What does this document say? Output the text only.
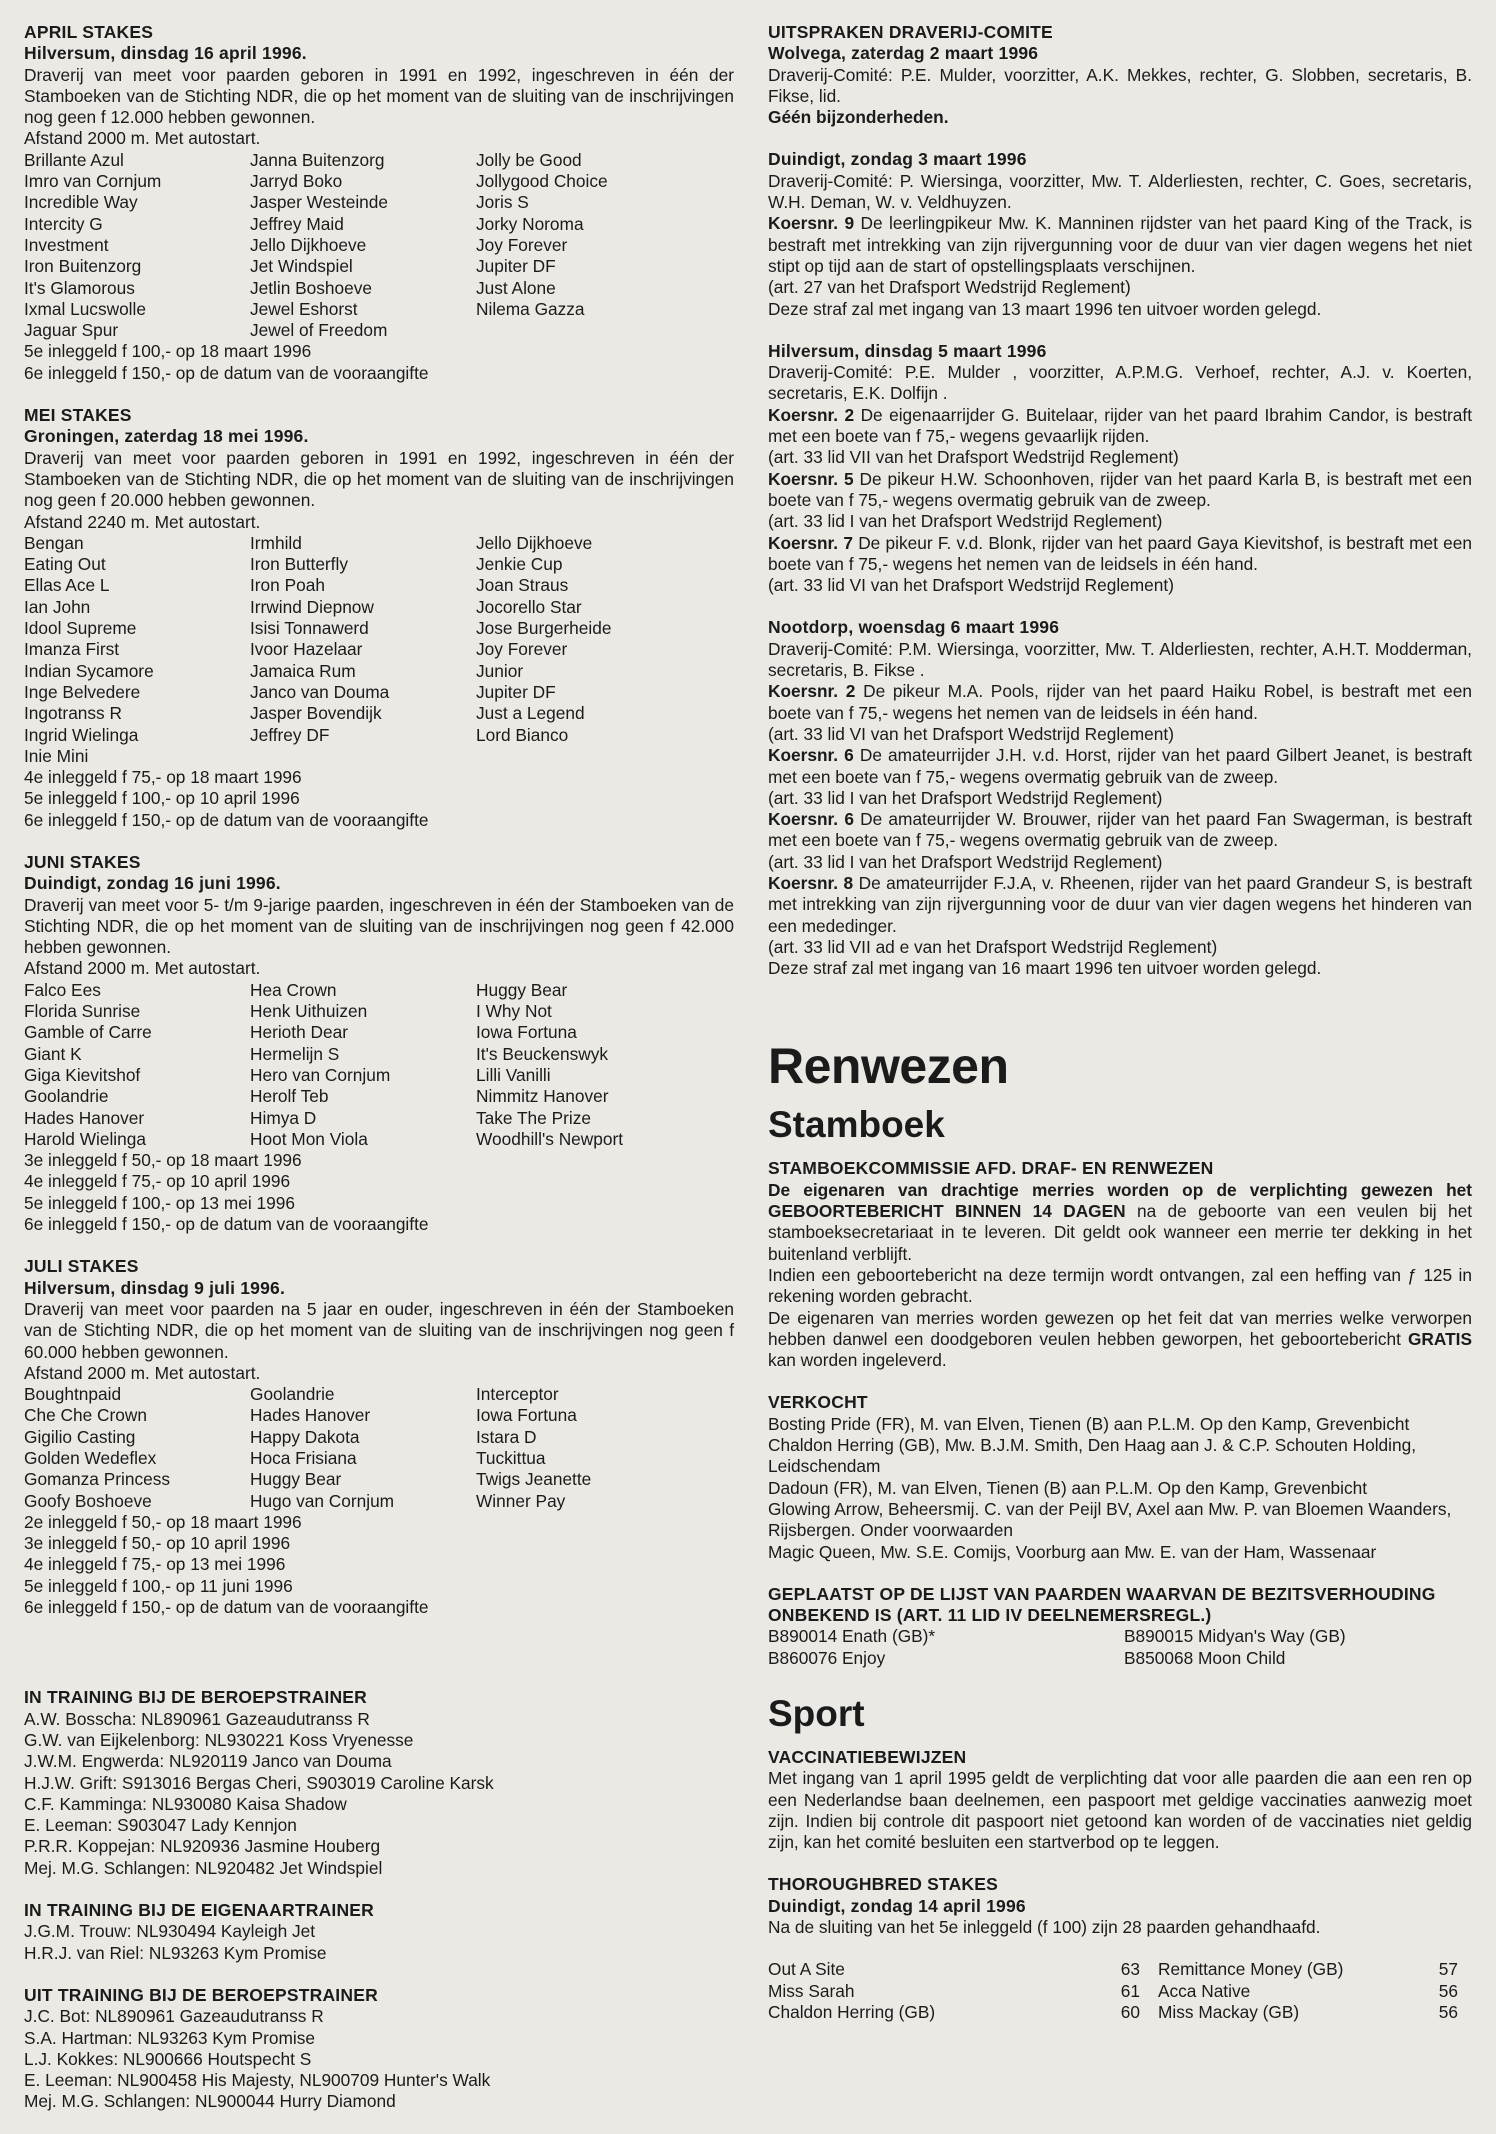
APRIL STAKES
Hilversum, dinsdag 16 april 1996.

Draverij van meet voor paarden geboren in 1991 en 1992, ingeschreven in één der Stamboeken van de Stichting NDR, die op het moment van de sluiting van de inschrijvingen nog geen f 12.000 hebben gewonnen.

Afstand 2000 m. Met autostart.

Brillante Azul	Janna Buitenzorg	Jolly be Good
Imro van Cornjum	Jarryd Boko	Jollygood Choice
Incredible Way	Jasper Westeinde	Joris S
Intercity G	Jeffrey Maid	Jorky Noroma
Investment	Jello Dijkhoeve	Joy Forever
Iron Buitenzorg	Jet Windspiel	Jupiter DF
It's Glamorous	Jetlin Boshoeve	Just Alone
Ixmal Lucswolle	Jewel Eshorst	Nilema Gazza
Jaguar Spur	Jewel of Freedom
5e inleggeld f 100,- op 18 maart 1996
6e inleggeld f 150,- op de datum van de vooraangifte
MEI STAKES
Groningen, zaterdag 18 mei 1996.

Draverij van meet voor paarden geboren in 1991 en 1992, ingeschreven in één der Stamboeken van de Stichting NDR, die op het moment van de sluiting van de inschrijvingen nog geen f 20.000 hebben gewonnen.

Afstand 2240 m. Met autostart.

Bengan	Irmhild	Jello Dijkhoeve
Eating Out	Iron Butterfly	Jenkie Cup
Ellas Ace L	Iron Poah	Joan Straus
Ian John	Irrwind Diepnow	Jocorello Star
Idool Supreme	Isisi Tonnawerd	Jose Burgerheide
Imanza First	Ivoor Hazelaar	Joy Forever
Indian Sycamore	Jamaica Rum	Junior
Inge Belvedere	Janco van Douma	Jupiter DF
Ingotranss R	Jasper Bovendijk	Just a Legend
Ingrid Wielinga	Jeffrey DF	Lord Bianco
Inie Mini
4e inleggeld f 75,- op 18 maart 1996
5e inleggeld f 100,- op 10 april 1996
6e inleggeld f 150,- op de datum van de vooraangifte
JUNI STAKES
Duindigt, zondag 16 juni 1996.

Draverij van meet voor 5- t/m 9-jarige paarden, ingeschreven in één der Stamboeken van de Stichting NDR, die op het moment van de sluiting van de inschrijvingen nog geen f 42.000 hebben gewonnen.

Afstand 2000 m. Met autostart.

Falco Ees	Hea Crown	Huggy Bear
Florida Sunrise	Henk Uithuizen	I Why Not
Gamble of Carre	Herioth Dear	Iowa Fortuna
Giant K	Hermelijn S	It's Beuckenswyk
Giga Kievitshof	Hero van Cornjum	Lilli Vanilli
Goolandrie	Herolf Teb	Nimmitz Hanover
Hades Hanover	Himya D	Take The Prize
Harold Wielinga	Hoot Mon Viola	Woodhill's Newport
3e inleggeld f 50,- op 18 maart 1996
4e inleggeld f 75,- op 10 april 1996
5e inleggeld f 100,- op 13 mei 1996
6e inleggeld f 150,- op de datum van de vooraangifte
JULI STAKES
Hilversum, dinsdag 9 juli 1996.

Draverij van meet voor paarden na 5 jaar en ouder, ingeschreven in één der Stamboeken van de Stichting NDR, die op het moment van de sluiting van de inschrijvingen nog geen f 60.000 hebben gewonnen.

Afstand 2000 m. Met autostart.

Boughtnpaid	Goolandrie	Interceptor
Che Che Crown	Hades Hanover	Iowa Fortuna
Gigilio Casting	Happy Dakota	Istara D
Golden Wedeflex	Hoca Frisiana	Tuckittua
Gomanza Princess	Huggy Bear	Twigs Jeanette
Goofy Boshoeve	Hugo van Cornjum	Winner Pay
2e inleggeld f 50,- op 18 maart 1996
3e inleggeld f 50,- op 10 april 1996
4e inleggeld f 75,- op 13 mei 1996
5e inleggeld f 100,- op 11 juni 1996
6e inleggeld f 150,- op de datum van de vooraangifte
IN TRAINING BIJ DE BEROEPSTRAINER
A.W. Bosscha: NL890961 Gazeaudutranss R
G.W. van Eijkelenborg: NL930221 Koss Vryenesse
J.W.M. Engwerda: NL920119 Janco van Douma
H.J.W. Grift: S913016 Bergas Cheri, S903019 Caroline Karsk
C.F. Kamminga: NL930080 Kaisa Shadow
E. Leeman: S903047 Lady Kennjon
P.R.R. Koppejan: NL920936 Jasmine Houberg
Mej. M.G. Schlangen: NL920482 Jet Windspiel
IN TRAINING BIJ DE EIGENAARTRAINER
J.G.M. Trouw: NL930494 Kayleigh Jet
H.R.J. van Riel: NL93263 Kym Promise
UIT TRAINING BIJ DE BEROEPSTRAINER
J.C. Bot: NL890961 Gazeaudutranss R
S.A. Hartman: NL93263 Kym Promise
L.J. Kokkes: NL900666 Houtspecht S
E. Leeman: NL900458 His Majesty, NL900709 Hunter's Walk
Mej. M.G. Schlangen: NL900044 Hurry Diamond
UITSPRAKEN DRAVERIJ-COMITE
Wolvega, zaterdag 2 maart 1996

Draverij-Comité: P.E. Mulder, voorzitter, A.K. Mekkes, rechter, G. Slobben, secretaris, B. Fikse, lid.

Géén bijzonderheden.

Duindigt, zondag 3 maart 1996

Draverij-Comité: P. Wiersinga, voorzitter, Mw. T. Alderliesten, rechter, C. Goes, secretaris, W.H. Deman, W. v. Veldhuyzen.

Koersnr. 9 De leerlingpikeur Mw. K. Manninen rijdster van het paard King of the Track, is bestraft met intrekking van zijn rijvergunning voor de duur van vier dagen wegens het niet stipt op tijd aan de start of opstellingsplaats verschijnen.

(art. 27 van het Drafsport Wedstrijd Reglement)

Deze straf zal met ingang van 13 maart 1996 ten uitvoer worden gelegd.

Hilversum, dinsdag 5 maart 1996

Draverij-Comité: P.E. Mulder , voorzitter, A.P.M.G. Verhoef, rechter, A.J. v. Koerten, secretaris, E.K. Dolfijn .

Koersnr. 2 De eigenaarrijder G. Buitelaar, rijder van het paard Ibrahim Candor, is bestraft met een boete van f 75,- wegens gevaarlijk rijden.

(art. 33 lid VII van het Drafsport Wedstrijd Reglement)

Koersnr. 5 De pikeur H.W. Schoonhoven, rijder van het paard Karla B, is bestraft met een boete van f 75,- wegens overmatig gebruik van de zweep.

(art. 33 lid I van het Drafsport Wedstrijd Reglement)

Koersnr. 7 De pikeur F. v.d. Blonk, rijder van het paard Gaya Kievitshof, is bestraft met een boete van f 75,- wegens het nemen van de leidsels in één hand.

(art. 33 lid VI van het Drafsport Wedstrijd Reglement)

Nootdorp, woensdag 6 maart 1996

Draverij-Comité: P.M. Wiersinga, voorzitter, Mw. T. Alderliesten, rechter, A.H.T. Modderman, secretaris, B. Fikse .

Koersnr. 2 De pikeur M.A. Pools, rijder van het paard Haiku Robel, is bestraft met een boete van f 75,- wegens het nemen van de leidsels in één hand.

(art. 33 lid VI van het Drafsport Wedstrijd Reglement)

Koersnr. 6 De amateurrijder J.H. v.d. Horst, rijder van het paard Gilbert Jeanet, is bestraft met een boete van f 75,- wegens overmatig gebruik van de zweep.

(art. 33 lid I van het Drafsport Wedstrijd Reglement)

Koersnr. 6 De amateurrijder W. Brouwer, rijder van het paard Fan Swagerman, is bestraft met een boete van f 75,- wegens overmatig gebruik van de zweep.

(art. 33 lid I van het Drafsport Wedstrijd Reglement)

Koersnr. 8 De amateurrijder F.J.A, v. Rheenen, rijder van het paard Grandeur S, is bestraft met intrekking van zijn rijvergunning voor de duur van vier dagen wegens het hinderen van een mededinger.

(art. 33 lid VII ad e van het Drafsport Wedstrijd Reglement)

Deze straf zal met ingang van 16 maart 1996 ten uitvoer worden gelegd.

Renwezen
Stamboek
STAMBOEKCOMMISSIE AFD. DRAF- EN RENWEZEN

De eigenaren van drachtige merries worden op de verplichting gewezen het GEBOORTEBERICHT BINNEN 14 DAGEN na de geboorte van een veulen bij het stamboeksecretariaat in te leveren. Dit geldt ook wanneer een merrie ter dekking in het buitenland verblijft.

Indien een geboortebericht na deze termijn wordt ontvangen, zal een heffing van ƒ 125 in rekening worden gebracht.

De eigenaren van merries worden gewezen op het feit dat van merries welke verworpen hebben danwel een doodgeboren veulen hebben geworpen, het geboortebericht GRATIS kan worden ingeleverd.

VERKOCHT
Bosting Pride (FR), M. van Elven, Tienen (B) aan P.L.M. Op den Kamp, Grevenbicht
Chaldon Herring (GB), Mw. B.J.M. Smith, Den Haag aan J. & C.P. Schouten Holding, Leidschendam
Dadoun (FR), M. van Elven, Tienen (B) aan P.L.M. Op den Kamp, Grevenbicht
Glowing Arrow, Beheersmij. C. van der Peijl BV, Axel aan Mw. P. van Bloemen Waanders, Rijsbergen. Onder voorwaarden
Magic Queen, Mw. S.E. Comijs, Voorburg aan Mw. E. van der Ham, Wassenaar
GEPLAATST OP DE LIJST VAN PAARDEN WAARVAN DE BEZITSVERHOUDING ONBEKEND IS (ART. 11 LID IV DEELNEMERSREGL.)
B890014 Enath (GB)*	B890015 Midyan's Way (GB)
B860076 Enjoy	B850068 Moon Child
Sport
VACCINATIEBEWIJZEN

Met ingang van 1 april 1995 geldt de verplichting dat voor alle paarden die aan een ren op een Nederlandse baan deelnemen, een paspoort met geldige vaccinaties aanwezig moet zijn. Indien bij controle dit paspoort niet getoond kan worden of de vaccinaties niet geldig zijn, kan het comité besluiten een startverbod op te leggen.

THOROUGHBRED STAKES
Duindigt, zondag 14 april 1996

Na de sluiting van het 5e inleggeld (f 100) zijn 28 paarden gehandhaafd.

Out A Site	63	Remittance Money (GB)	57
Miss Sarah	61	Acca Native	56
Chaldon Herring (GB)	60	Miss Mackay (GB)	56
